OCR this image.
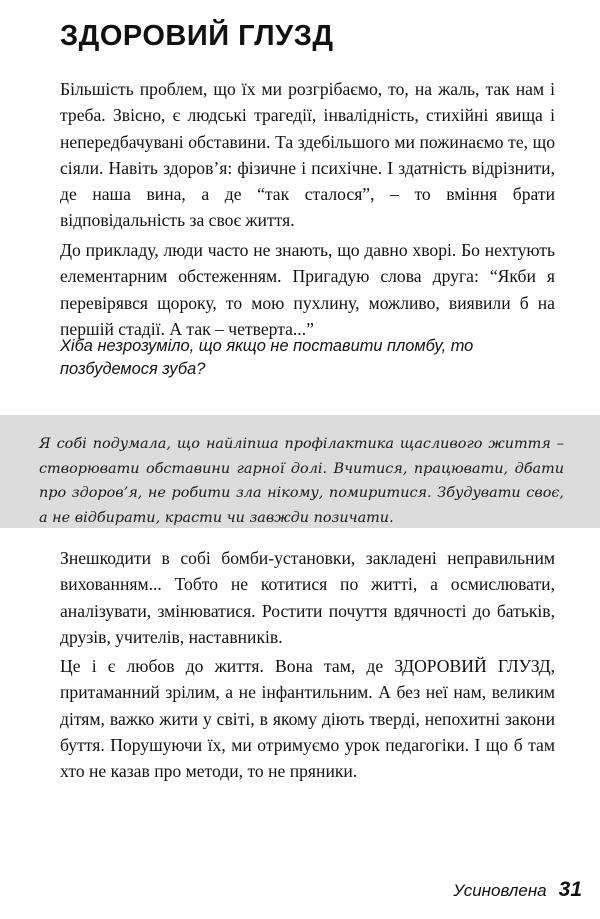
ЗДОРОВИЙ ГЛУЗД

Більшість проблем, що їх ми розгрібаємо, то, на жаль, так нам і треба. Звісно, є людські трагедії, інвалідність, стихійні явища і непередбачувані обставини. Та здебільшого ми пожинаємо те, що сіяли. Навіть здоров’я: фізичне і психічне. І здатність відрізнити, де наша вина, а де “так сталося”, – то вміння брати відповідальність за своє життя.

До прикладу, люди часто не знають, що давно хворі. Бо нехтують елементарним обстеженням. Пригадую слова друга: “Якби я перевірявся щороку, то мою пухлину, можливо, виявили б на першій стадії. А так – четверта...”

Хіба незрозуміло, що якщо не поставити пломбу, то позбудемося зуба?

Я собі подумала, що найліпша профілактика щасливого життя – створювати обставини гарної долі. Вчитися, працювати, дбати про здоров’я, не робити зла нікому, помиритися. Збудувати своє, а не відбирати, красти чи завжди позичати.

Знешкодити в собі бомби-установки, закладені неправильним вихованням... Тобто не котитися по житті, а осмислювати, аналізувати, змінюватися. Ростити почуття вдячності до батьків, друзів, учителів, наставників.

Це і є любов до життя. Вона там, де ЗДОРОВИЙ ГЛУЗД, притаманний зрілим, а не інфантильним. А без неї нам, великим дітям, важко жити у світі, в якому діють тверді, непохитні закони буття. Порушуючи їх, ми отримуємо урок педагогіки. І що б там хто не казав про методи, то не пряники.

Усиновлена 31
